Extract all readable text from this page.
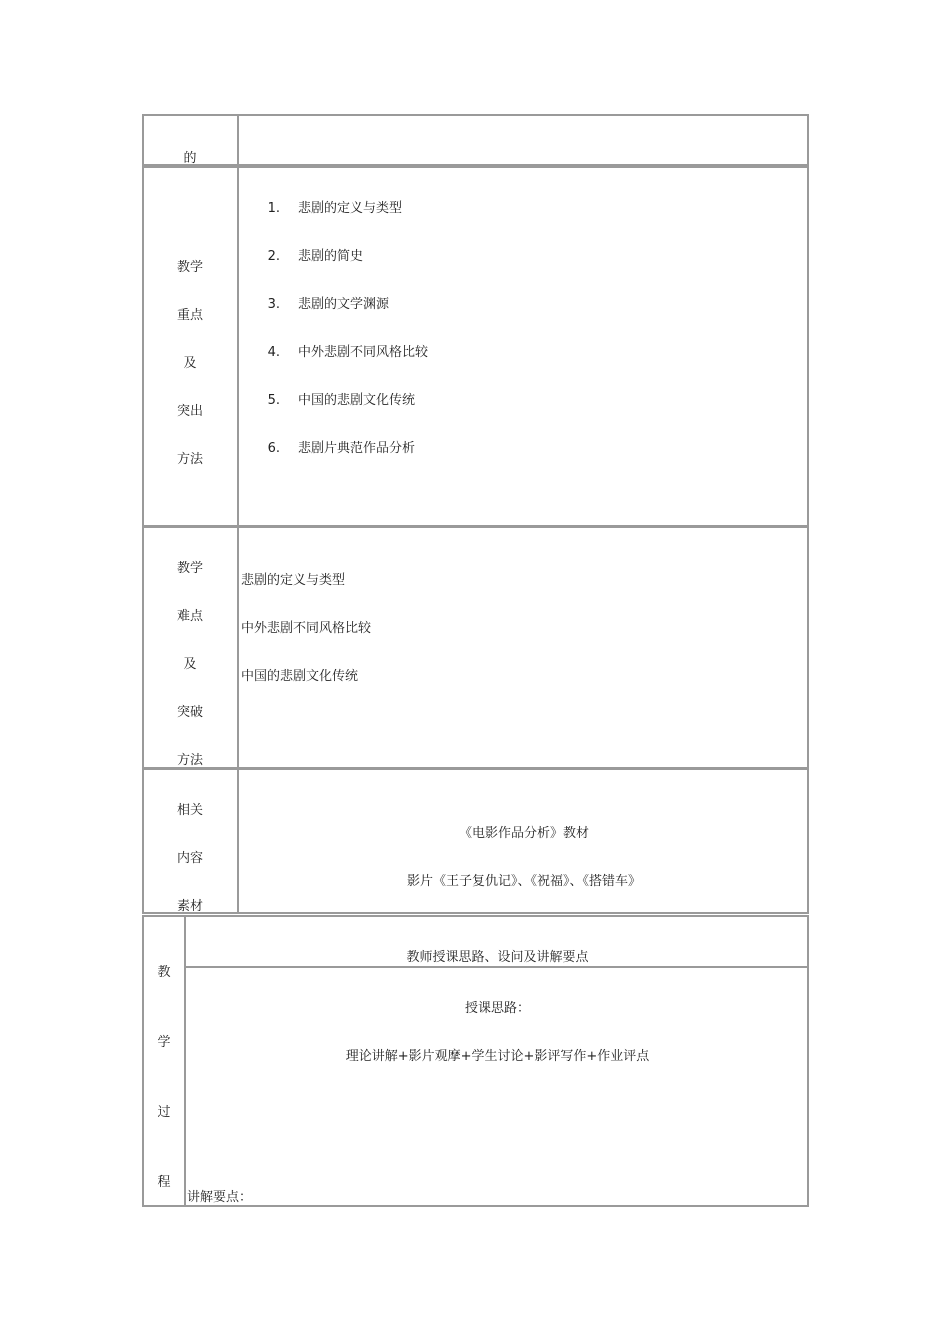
的
教学
重点
及
突出
方法
1. 悲剧的定义与类型
2. 悲剧的简史
3. 悲剧的文学渊源
4. 中外悲剧不同风格比较
5. 中国的悲剧文化传统
6. 悲剧片典范作品分析
教学
难点
及
突破
方法
悲剧的定义与类型
中外悲剧不同风格比较
中国的悲剧文化传统
相关
内容
素材
《电影作品分析》教材
影片《王子复仇记》、《祝福》、《搭错车》
教
学
过
程
教师授课思路、设问及讲解要点
授课思路：
理论讲解+影片观摩+学生讨论+影评写作+作业评点
讲解要点：
